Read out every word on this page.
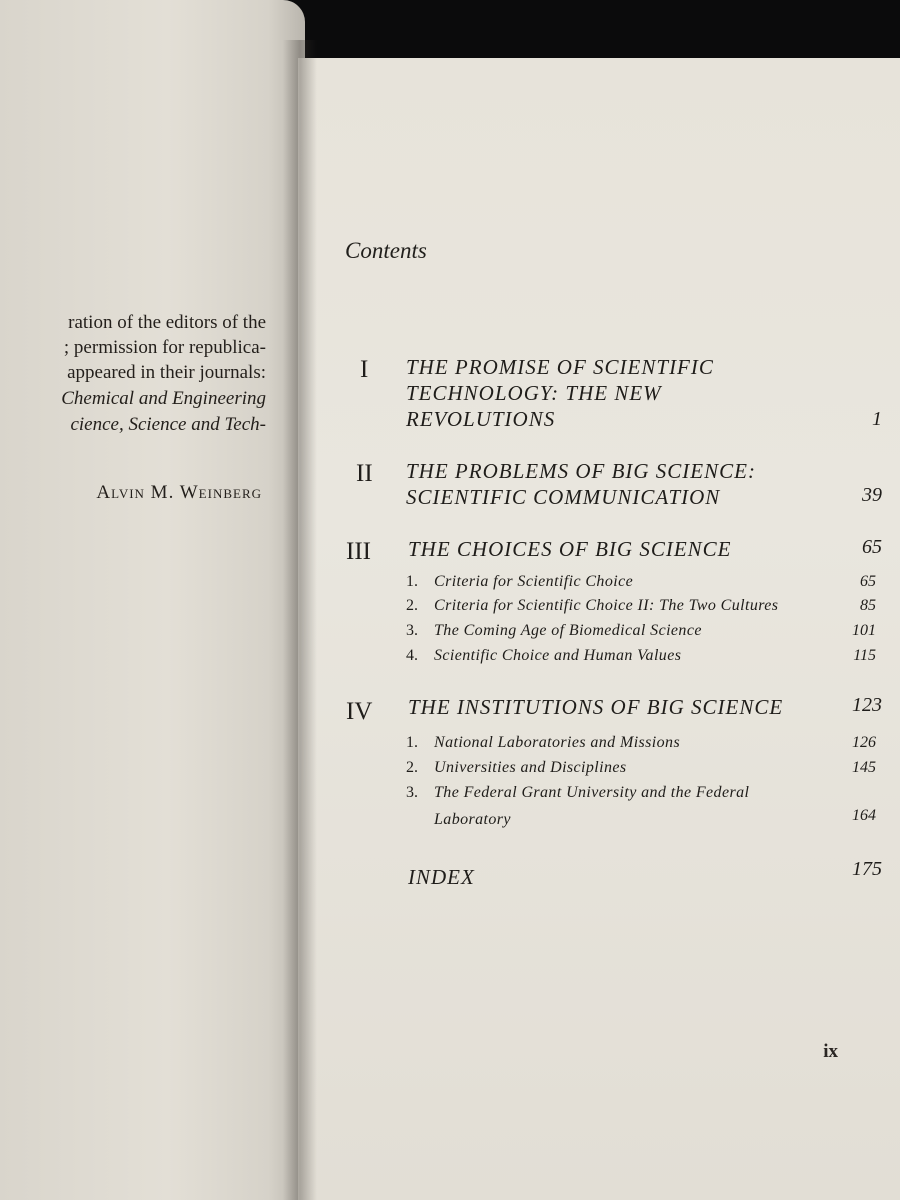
ration of the editors of the
; permission for republica-
appeared in their journals:
Chemical and Engineering
cience, Science and Tech-
Alvin M. Weinberg
Contents
I	THE PROMISE OF SCIENTIFIC
TECHNOLOGY: THE NEW
REVOLUTIONS	1
II	THE PROBLEMS OF BIG SCIENCE:
SCIENTIFIC COMMUNICATION	39
III	THE CHOICES OF BIG SCIENCE	65
1.	Criteria for Scientific Choice	65
2.	Criteria for Scientific Choice II: The Two Cultures	85
3.	The Coming Age of Biomedical Science	101
4.	Scientific Choice and Human Values	115
IV	THE INSTITUTIONS OF BIG SCIENCE	123
1.	National Laboratories and Missions	126
2.	Universities and Disciplines	145
3.	The Federal Grant University and the Federal
Laboratory	164
INDEX	175
ix
